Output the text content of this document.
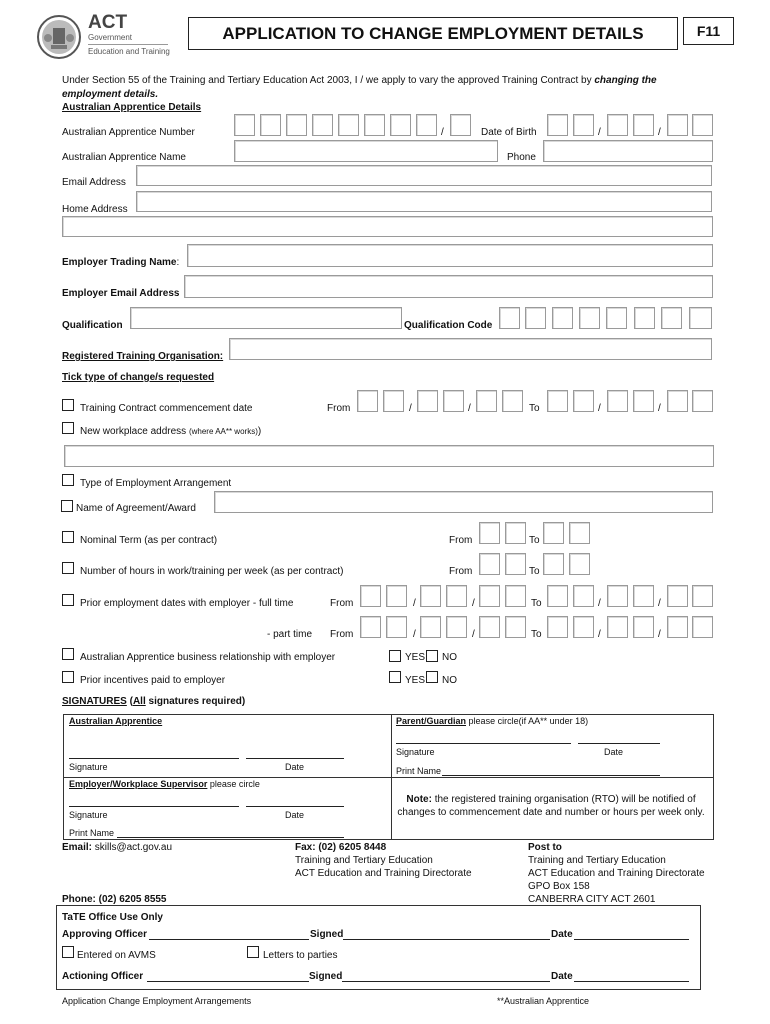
ACT
Government
Education and Training
APPLICATION TO CHANGE EMPLOYMENT DETAILS	F11
Under Section 55 of the Training and Tertiary Education Act 2003, I / we apply to vary the approved Training Contract by changing the
employment details.
Australian Apprentice Details
Australian Apprentice Number	/	Date of Birth	/	/
Australian Apprentice Name	Phone
Email Address
Home Address
Employer Trading Name:
Employer Email Address
Qualification	Qualification Code
Registered Training Organisation:
Tick type of change/s requested
Training Contract commencement date	From	/	/	To	/	/
New workplace address (where AA** works))
Type of Employment Arrangement
Name of Agreement/Award
Nominal Term (as per contract)	From	To
Number of hours in work/training per week (as per contract)	From	To
Prior employment dates with employer - full time	From	/	/	To	/	/
- part time From	/	/	To	/	/
Australian Apprentice business relationship with employer	YES NO
Prior incentives paid to employer	YES NO
SIGNATURES (All signatures required)
Australian Apprentice
Signature	Date
Parent/Guardian please circle(if AA** under 18)
Signature	Date
Print Name
Employer/Workplace Supervisor please circle
Signature	Date
Print Name
Note: the registered training organisation (RTO) will be notified of changes to commencement date and number or hours per week only.
Email: skills@act.gov.au
Phone: (02) 6205 8555
Fax: (02) 6205 8448
Training and Tertiary Education
ACT Education and Training Directorate
Post to
Training and Tertiary Education
ACT Education and Training Directorate
GPO Box 158
CANBERRA CITY ACT 2601
TaTE Office Use Only
Approving Officer	Signed	Date
Entered on AVMS	Letters to parties
Actioning Officer	Signed	Date
Application Change Employment Arrangements	**Australian Apprentice
